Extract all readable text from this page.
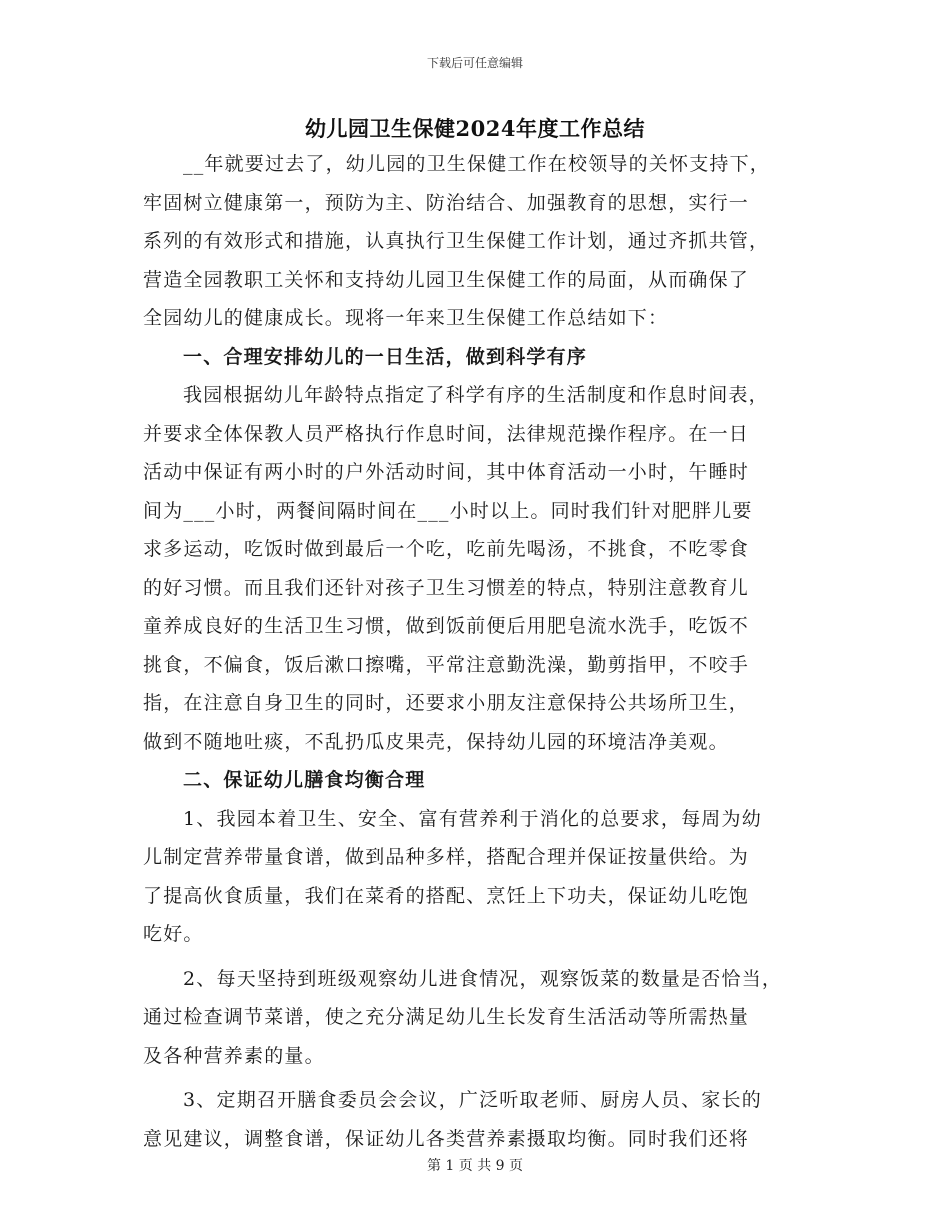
下载后可任意编辑
幼儿园卫生保健2024年度工作总结
__年就要过去了，幼儿园的卫生保健工作在校领导的关怀支持下，
牢固树立健康第一，预防为主、防治结合、加强教育的思想，实行一
系列的有效形式和措施，认真执行卫生保健工作计划，通过齐抓共管，
营造全园教职工关怀和支持幼儿园卫生保健工作的局面，从而确保了
全园幼儿的健康成长。现将一年来卫生保健工作总结如下：
一、合理安排幼儿的一日生活，做到科学有序
我园根据幼儿年龄特点指定了科学有序的生活制度和作息时间表，
并要求全体保教人员严格执行作息时间，法律规范操作程序。在一日
活动中保证有两小时的户外活动时间，其中体育活动一小时，午睡时
间为___小时，两餐间隔时间在___小时以上。同时我们针对肥胖儿要
求多运动，吃饭时做到最后一个吃，吃前先喝汤，不挑食，不吃零食
的好习惯。而且我们还针对孩子卫生习惯差的特点，特别注意教育儿
童养成良好的生活卫生习惯，做到饭前便后用肥皂流水洗手，吃饭不
挑食，不偏食，饭后漱口擦嘴，平常注意勤洗澡，勤剪指甲，不咬手
指，在注意自身卫生的同时，还要求小朋友注意保持公共场所卫生，
做到不随地吐痰，不乱扔瓜皮果壳，保持幼儿园的环境洁净美观。
二、保证幼儿膳食均衡合理
1、我园本着卫生、安全、富有营养利于消化的总要求，每周为幼
儿制定营养带量食谱，做到品种多样，搭配合理并保证按量供给。为
了提高伙食质量，我们在菜肴的搭配、烹饪上下功夫，保证幼儿吃饱
吃好。
2、每天坚持到班级观察幼儿进食情况，观察饭菜的数量是否恰当，
通过检查调节菜谱，使之充分满足幼儿生长发育生活活动等所需热量
及各种营养素的量。
3、定期召开膳食委员会会议，广泛听取老师、厨房人员、家长的
意见建议，调整食谱，保证幼儿各类营养素摄取均衡。同时我们还将
第 1 页 共 9 页
